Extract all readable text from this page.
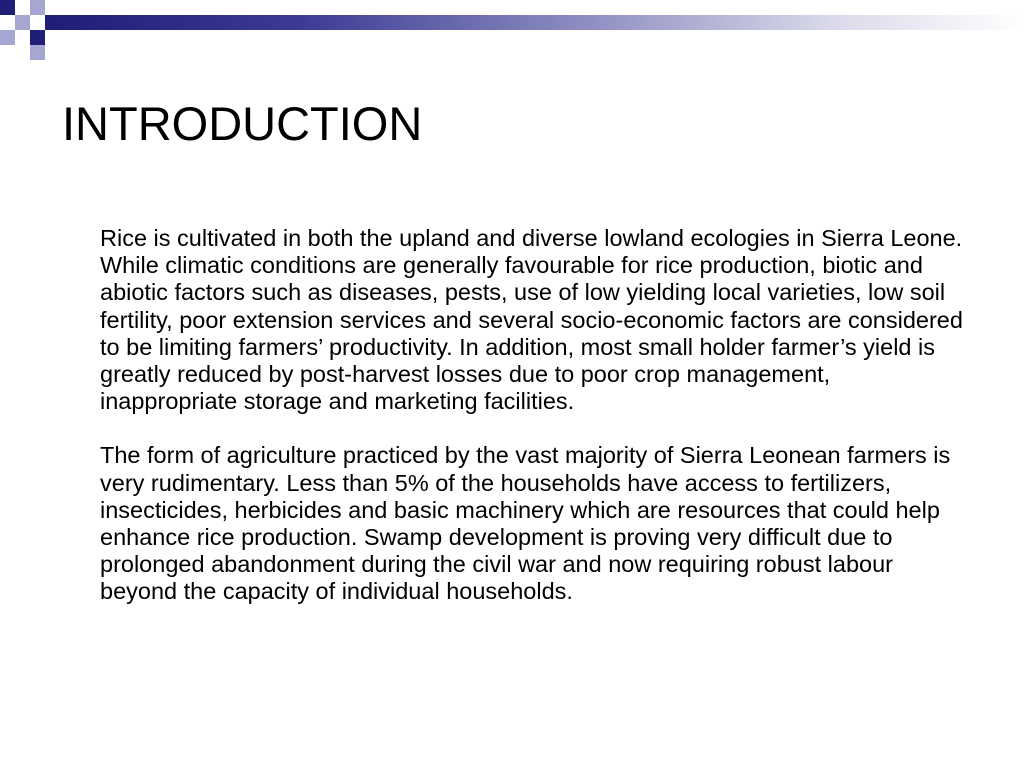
INTRODUCTION

Rice is cultivated in both the upland and diverse lowland ecologies in Sierra Leone. While climatic conditions are generally favourable for rice production, biotic and abiotic factors such as diseases, pests, use of low yielding local varieties, low soil fertility, poor extension services and several socio-economic factors are considered to be limiting farmers’ productivity. In addition, most small holder farmer’s yield is greatly reduced by post-harvest losses due to poor crop management, inappropriate storage and marketing facilities.

The form of agriculture practiced by the vast majority of Sierra Leonean farmers is very rudimentary. Less than 5% of the households have access to fertilizers, insecticides, herbicides and basic machinery which are resources that could help enhance rice production. Swamp development is proving very difficult due to prolonged abandonment during the civil war and now requiring robust labour beyond the capacity of individual households.
